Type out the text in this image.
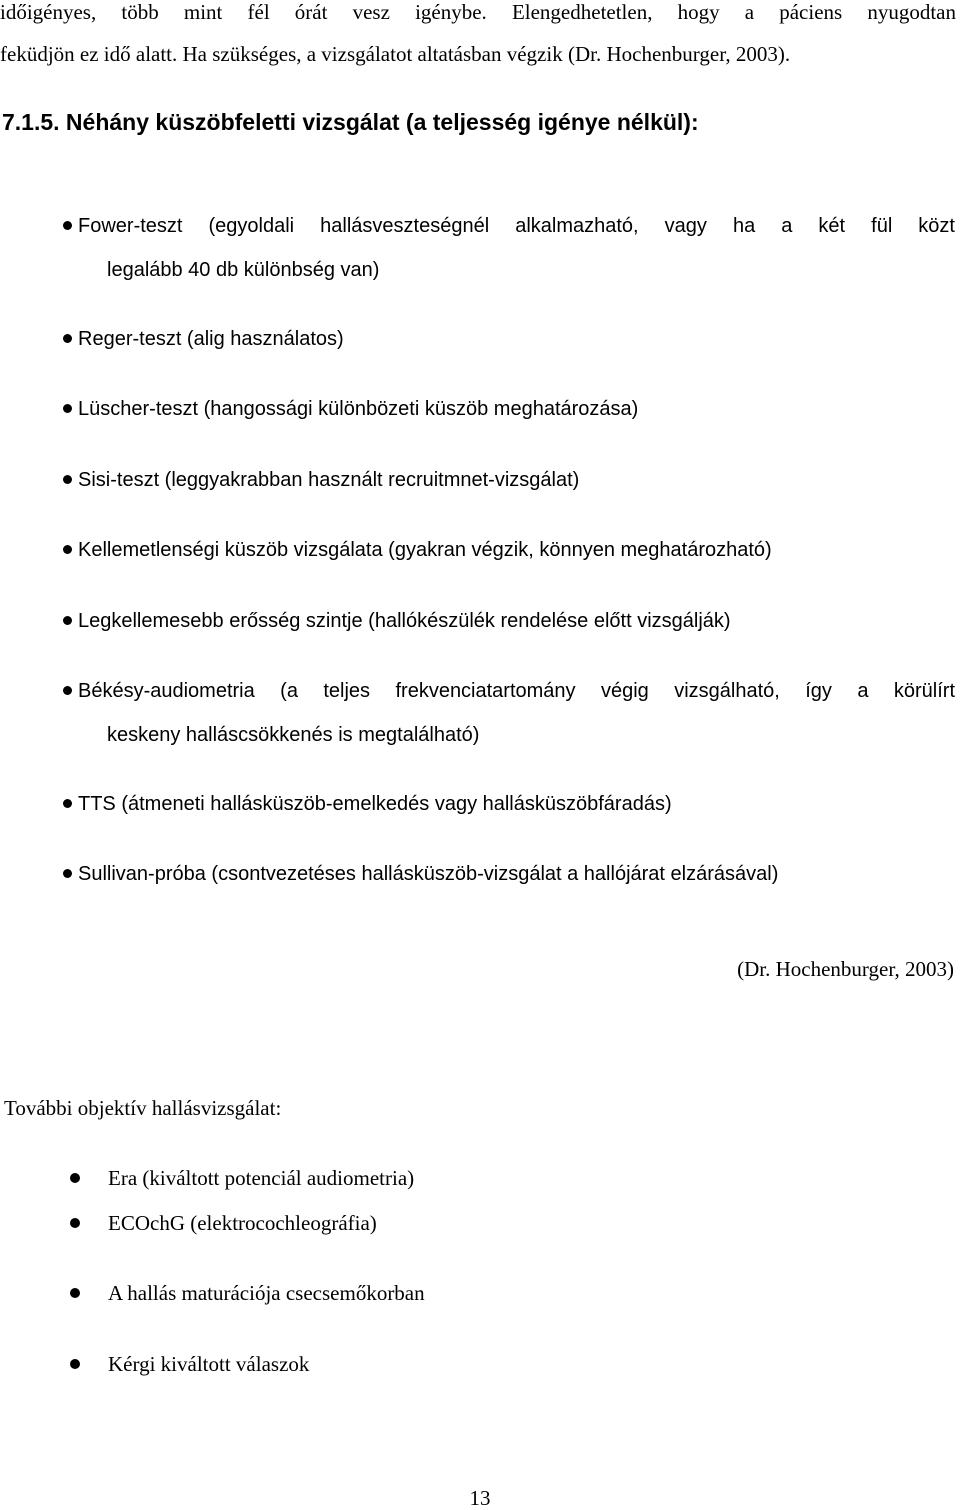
időigényes, több mint fél órát vesz igénybe. Elengedhetetlen, hogy a páciens nyugodtan
feküdjön ez idő alatt. Ha szükséges, a vizsgálatot altatásban végzik (Dr. Hochenburger, 2003).
7.1.5. Néhány küszöbfeletti vizsgálat (a teljesség igénye nélkül):
Fower-teszt (egyoldali hallásveszteségnél alkalmazható, vagy ha a két fül közt
legalább 40 db különbség van)
Reger-teszt (alig használatos)
Lüscher-teszt (hangossági különbözeti küszöb meghatározása)
Sisi-teszt (leggyakrabban használt recruitmnet-vizsgálat)
Kellemetlenségi küszöb vizsgálata (gyakran végzik, könnyen meghatározható)
Legkellemesebb erősség szintje (hallókészülék rendelése előtt vizsgálják)
Békésy-audiometria (a teljes frekvenciatartomány végig vizsgálható, így a körülírt
keskeny halláscsökkenés is megtalálható)
TTS (átmeneti hallásküszöb-emelkedés vagy hallásküszöbfáradás)
Sullivan-próba (csontvezetéses hallásküszöb-vizsgálat a hallójárat elzárásával)
(Dr. Hochenburger, 2003)
További objektív hallásvizsgálat:
Era (kiváltott potenciál audiometria)
ECOchG (elektrocochleográfia)
A hallás maturációja csecsemőkorban
Kérgi kiváltott válaszok
13
